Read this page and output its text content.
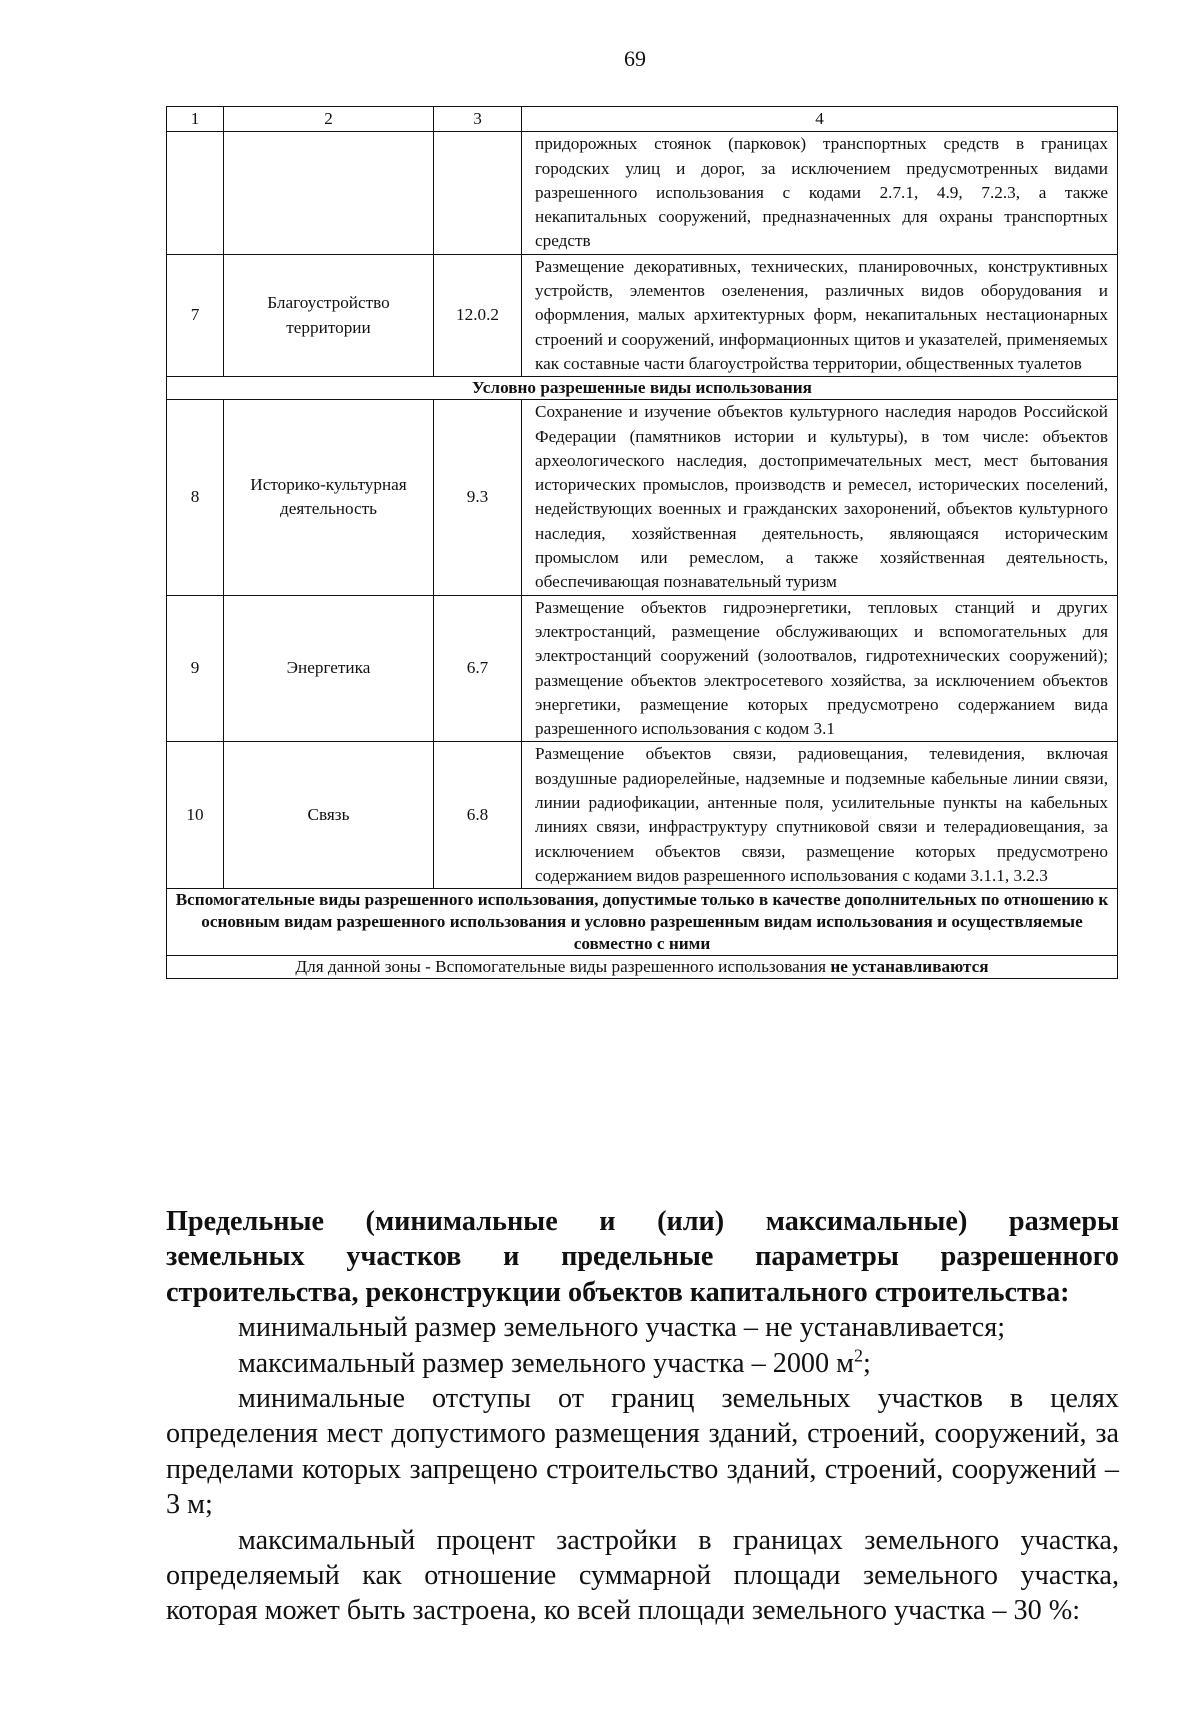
69
1	2	3	4
			придорожных стоянок (парковок) транспортных средств в границах городских улиц и дорог, за исключением предусмотренных видами разрешенного использования с кодами 2.7.1, 4.9, 7.2.3, а также некапитальных сооружений, предназначенных для охраны транспортных средств
7	Благоустройство территории	12.0.2	Размещение декоративных, технических, планировочных, конструктивных устройств, элементов озеленения, различных видов оборудования и оформления, малых архитектурных форм, некапитальных нестационарных строений и сооружений, информационных щитов и указателей, применяемых как составные части благоустройства территории, общественных туалетов
Условно разрешенные виды использования			
8	Историко-культурная деятельность	9.3	Сохранение и изучение объектов культурного наследия народов Российской Федерации (памятников истории и культуры), в том числе: объектов археологического наследия, достопримечательных мест, мест бытования исторических промыслов, производств и ремесел, исторических поселений, недействующих военных и гражданских захоронений, объектов культурного наследия, хозяйственная деятельность, являющаяся историческим промыслом или ремеслом, а также хозяйственная деятельность, обеспечивающая познавательный туризм
9	Энергетика	6.7	Размещение объектов гидроэнергетики, тепловых станций и других электростанций, размещение обслуживающих и вспомогательных для электростанций сооружений (золоотвалов, гидротехнических сооружений); размещение объектов электросетевого хозяйства, за исключением объектов энергетики, размещение которых предусмотрено содержанием вида разрешенного использования с кодом 3.1
10	Связь	6.8	Размещение объектов связи, радиовещания, телевидения, включая воздушные радиорелейные, надземные и подземные кабельные линии связи, линии радиофикации, антенные поля, усилительные пункты на кабельных линиях связи, инфраструктуру спутниковой связи и телерадиовещания, за исключением объектов связи, размещение которых предусмотрено содержанием видов разрешенного использования с кодами 3.1.1, 3.2.3
Вспомогательные виды разрешенного использования, допустимые только в качестве дополнительных по отношению к основным видам разрешенного использования и условно разрешенным видам использования и осуществляемые совместно с ними			
Для данной зоны - Вспомогательные виды разрешенного использования не устанавливаются			

Предельные (минимальные и (или) максимальные) размеры

земельных участков и предельные параметры разрешенного

строительства, реконструкции объектов капитального строительства:

минимальный размер земельного участка – не устанавливается;

максимальный размер земельного участка – 2000 $м^2$;

минимальные отступы от границ земельных участков в целях определения мест допустимого размещения зданий, строений, сооружений, за пределами которых запрещено строительство зданий, строений, сооружений – 3 м;

максимальный процент застройки в границах земельного участка, определяемый как отношение суммарной площади земельного участка, которая может быть застроена, ко всей площади земельного участка – 30 %:
